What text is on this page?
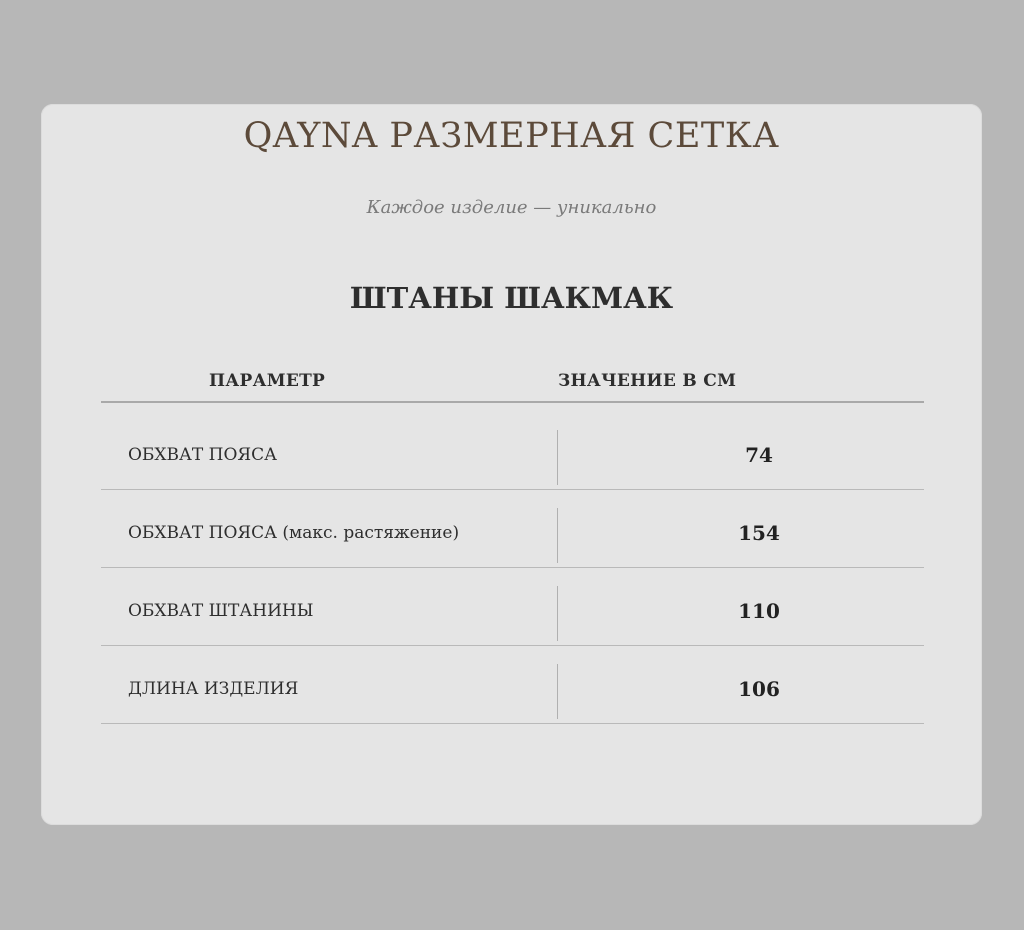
QAYNA РАЗМЕРНАЯ СЕТКА
Каждое изделие — уникально
ШТАНЫ ШАКМАК
ПАРАМЕТР	ЗНАЧЕНИЕ В СМ
ОБХВАТ ПОЯСА	74
ОБХВАТ ПОЯСА (макс. растяжение)	154
ОБХВАТ ШТАНИНЫ	110
ДЛИНА ИЗДЕЛИЯ	106
